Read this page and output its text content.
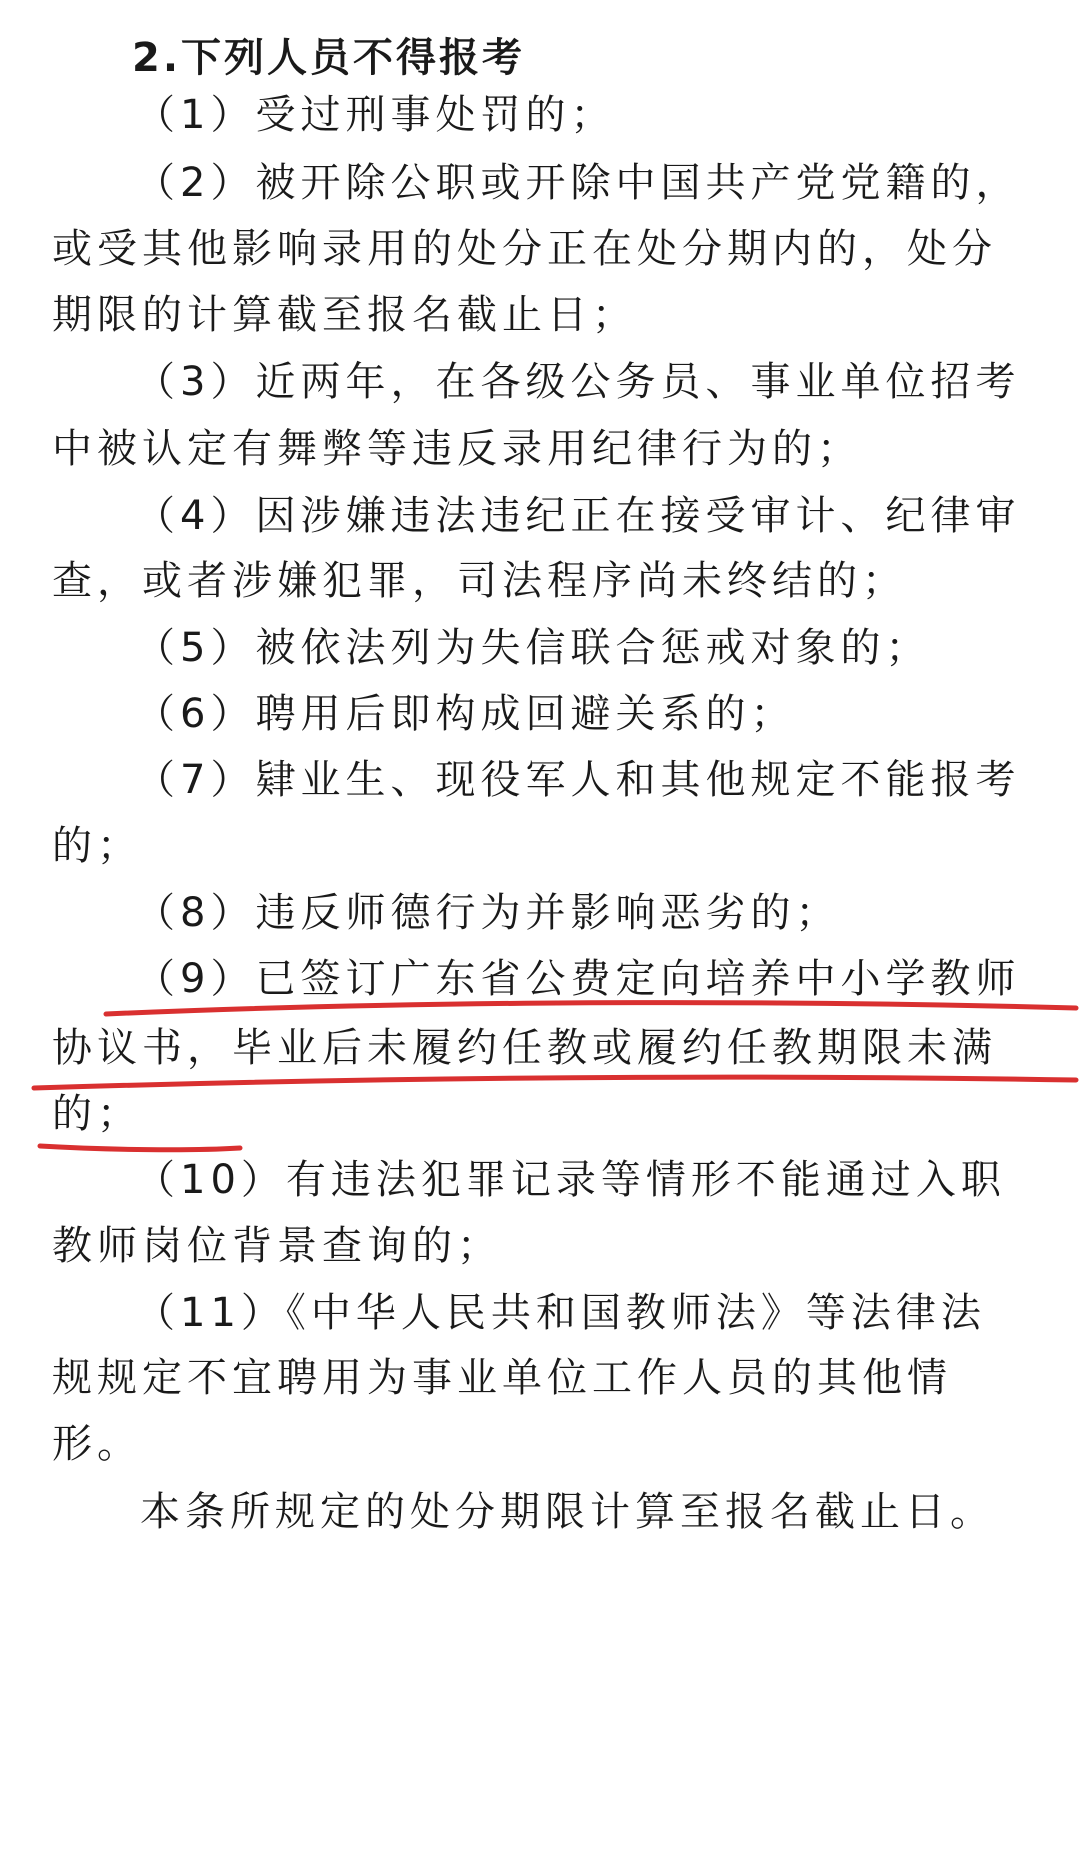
2.下列人员不得报考
（1）受过刑事处罚的；
（2）被开除公职或开除中国共产党党籍的，
或受其他影响录用的处分正在处分期内的，处分
期限的计算截至报名截止日；
（3）近两年，在各级公务员、事业单位招考
中被认定有舞弊等违反录用纪律行为的；
（4）因涉嫌违法违纪正在接受审计、纪律审
查，或者涉嫌犯罪，司法程序尚未终结的；
（5）被依法列为失信联合惩戒对象的；
（6）聘用后即构成回避关系的；
（7）肄业生、现役军人和其他规定不能报考
的；
（8）违反师德行为并影响恶劣的；
（9）已签订广东省公费定向培养中小学教师
协议书，毕业后未履约任教或履约任教期限未满
的；
（10）有违法犯罪记录等情形不能通过入职
教师岗位背景查询的；
（11）《中华人民共和国教师法》等法律法
规规定不宜聘用为事业单位工作人员的其他情
形。
本条所规定的处分期限计算至报名截止日。
